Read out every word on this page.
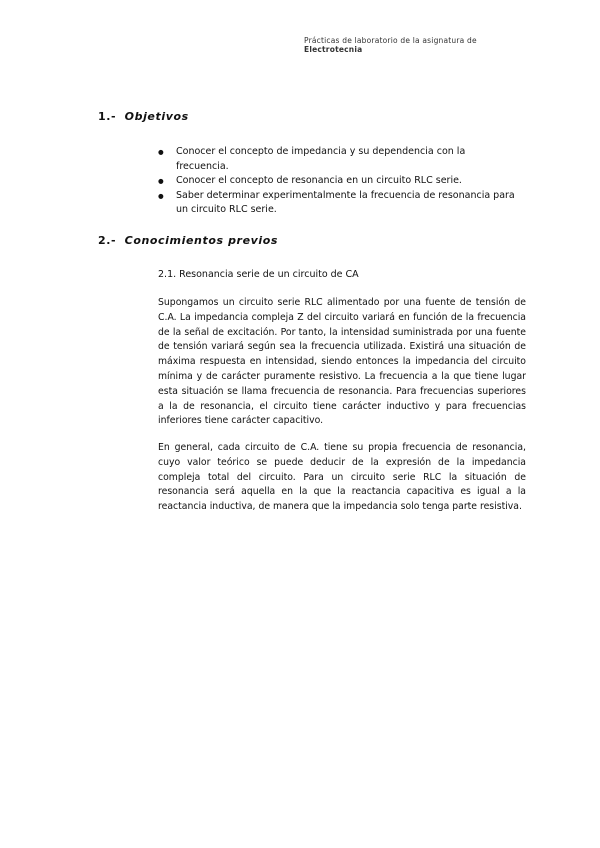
Prácticas de laboratorio de la asignatura de
Electrotecnia
1.- Objetivos
● Conocer el concepto de impedancia y su dependencia con la frecuencia.
● Conocer el concepto de resonancia en un circuito RLC serie.
● Saber determinar experimentalmente la frecuencia de resonancia para un circuito RLC serie.
2.- Conocimientos previos
2.1. Resonancia serie de un circuito de CA

Supongamos un circuito serie RLC alimentado por una fuente de tensión de C.A. La impedancia compleja Z del circuito variará en función de la frecuencia de la señal de excitación. Por tanto, la intensidad suministrada por una fuente de tensión variará según sea la frecuencia utilizada. Existirá una situación de máxima respuesta en intensidad, siendo entonces la impedancia del circuito mínima y de carácter puramente resistivo. La frecuencia a la que tiene lugar esta situación se llama frecuencia de resonancia. Para frecuencias superiores a la de resonancia, el circuito tiene carácter inductivo y para frecuencias inferiores tiene carácter capacitivo.

En general, cada circuito de C.A. tiene su propia frecuencia de resonancia, cuyo valor teórico se puede deducir de la expresión de la impedancia compleja total del circuito. Para un circuito serie RLC la situación de resonancia será aquella en la que la reactancia capacitiva es igual a la reactancia inductiva, de manera que la impedancia solo tenga parte resistiva.
